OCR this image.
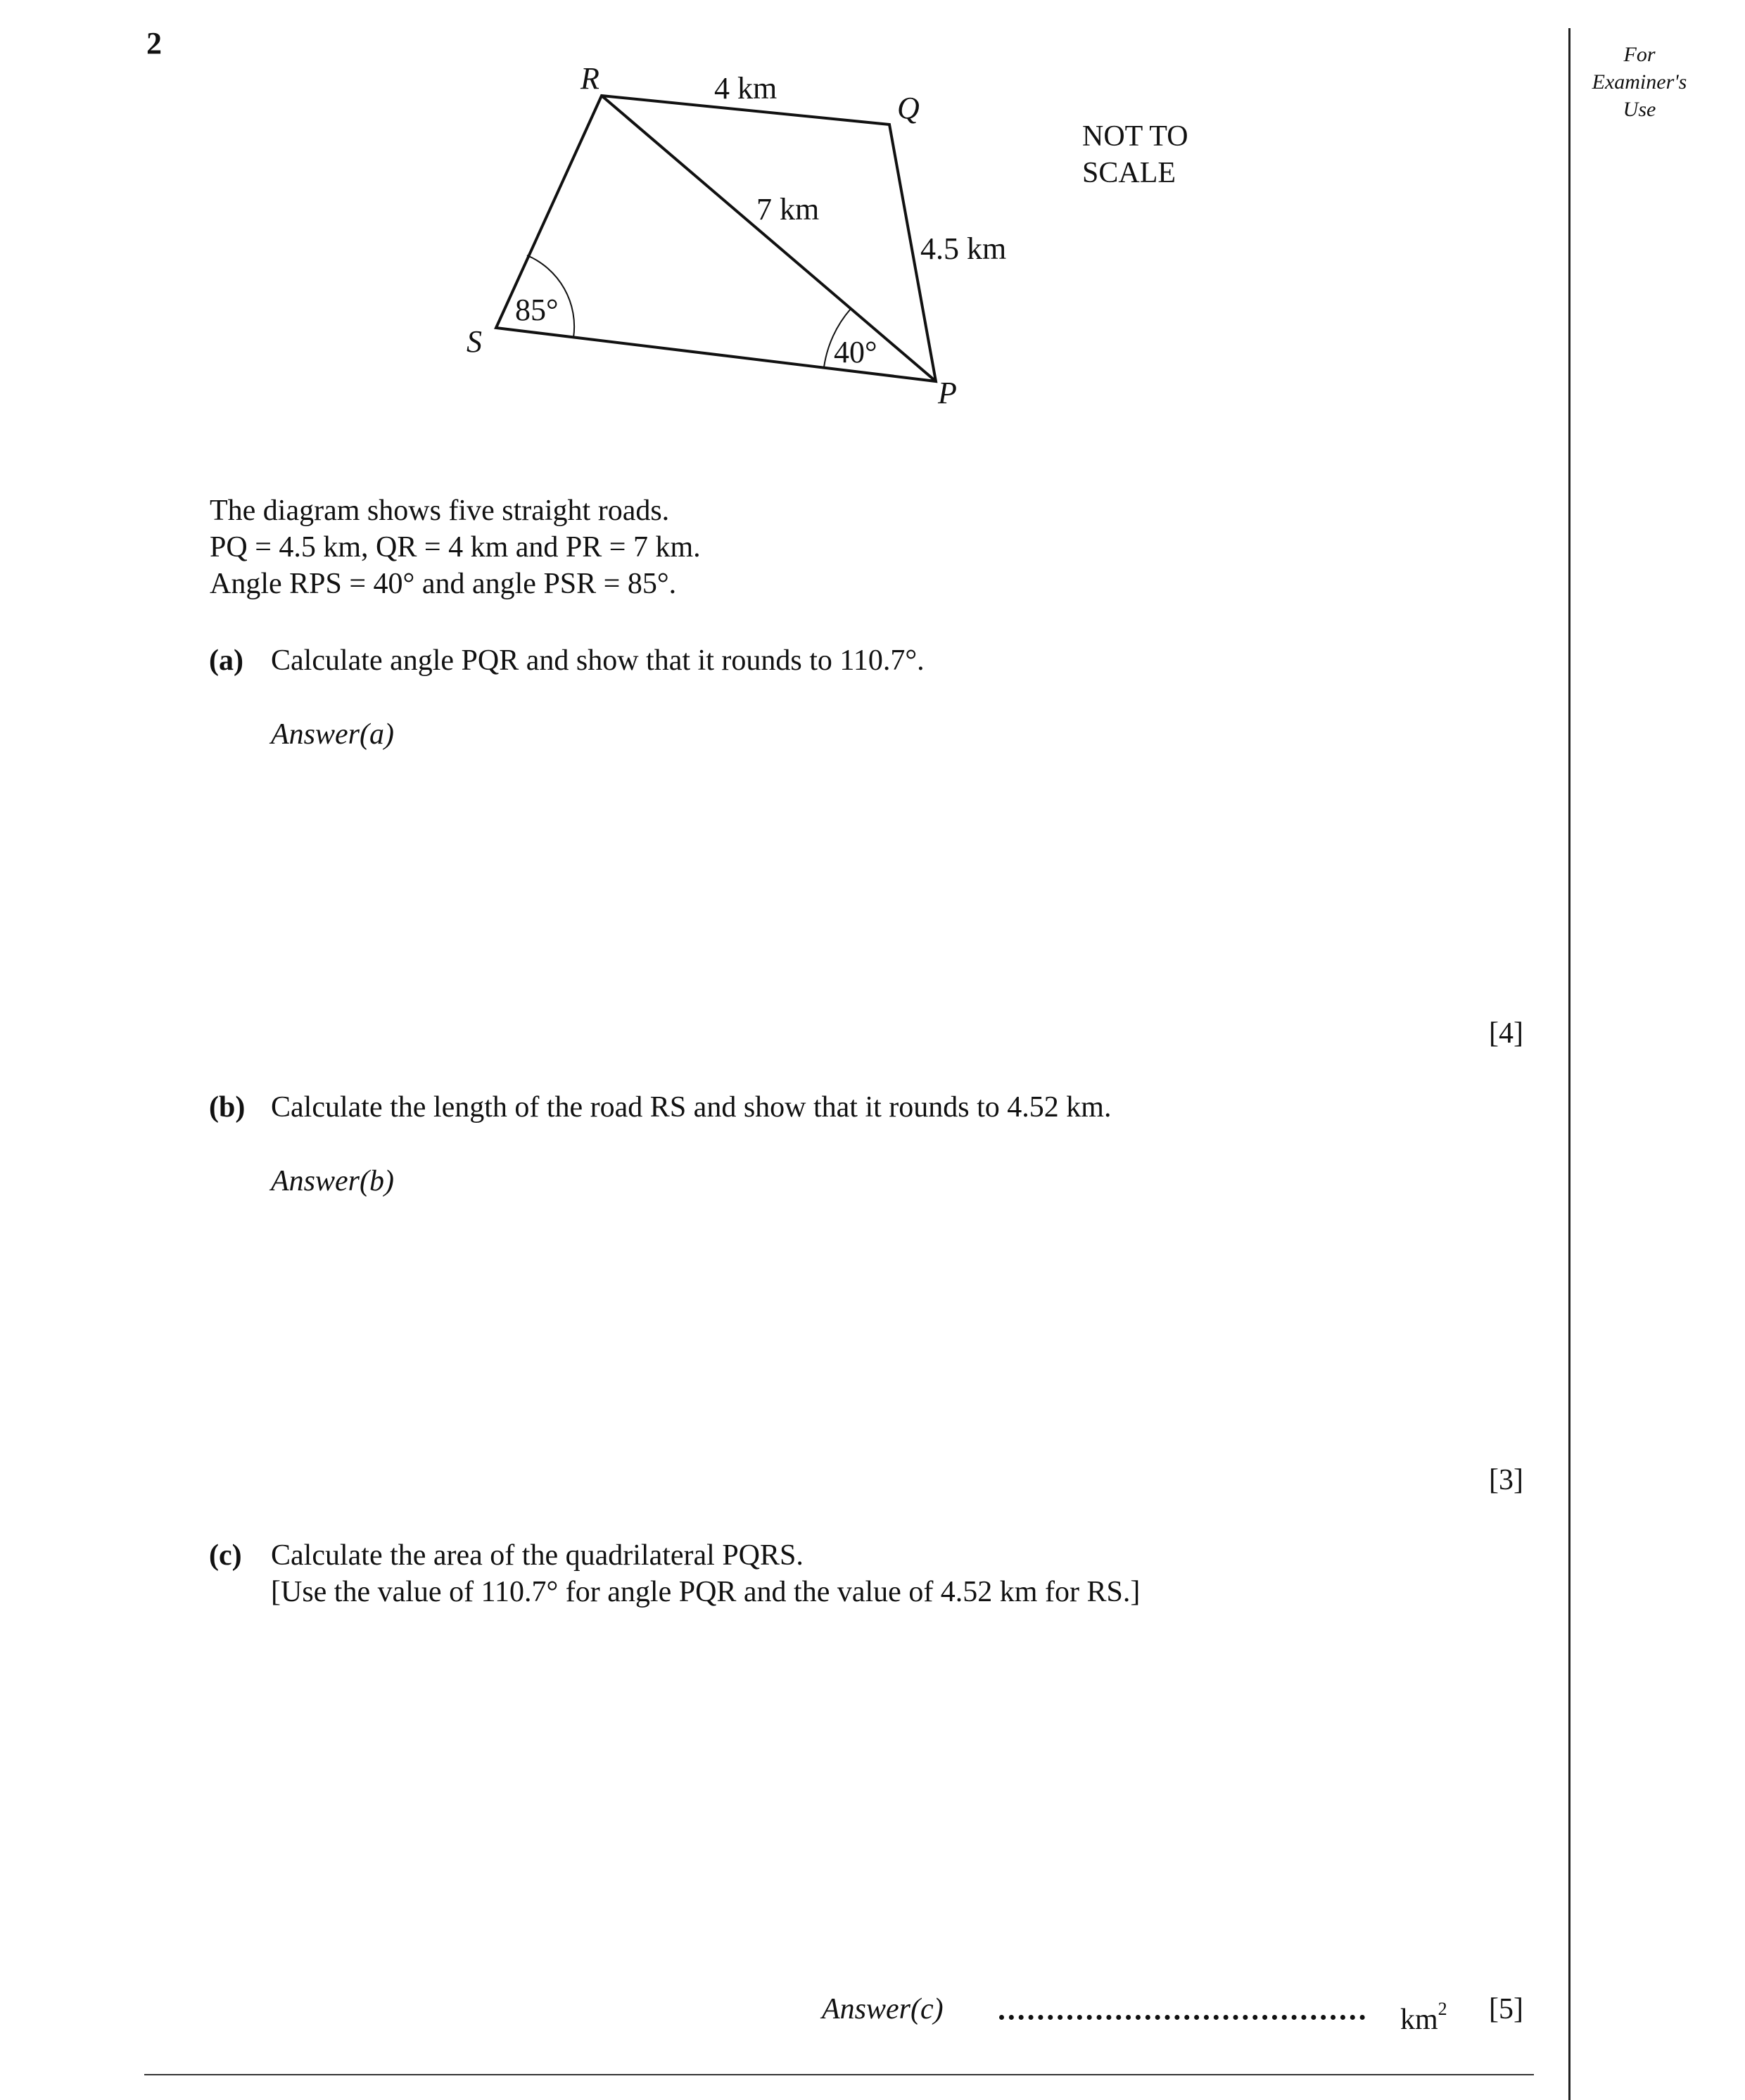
2	For
Examiner's
Use
R
Q
S
P
4 km
7 km
4.5 km
85°
40°
NOT TO
SCALE
The diagram shows five straight roads.
PQ = 4.5 km, QR = 4 km and PR = 7 km.
Angle RPS = 40° and angle PSR = 85°.
(a) Calculate angle PQR and show that it rounds to 110.7°.
Answer(a)
[4]
(b) Calculate the length of the road RS and show that it rounds to 4.52 km.
Answer(b)
[3]
(c) Calculate the area of the quadrilateral PQRS.
[Use the value of 110.7° for angle PQR and the value of 4.52 km for RS.]
Answer(c)	$km^2$ [5]
